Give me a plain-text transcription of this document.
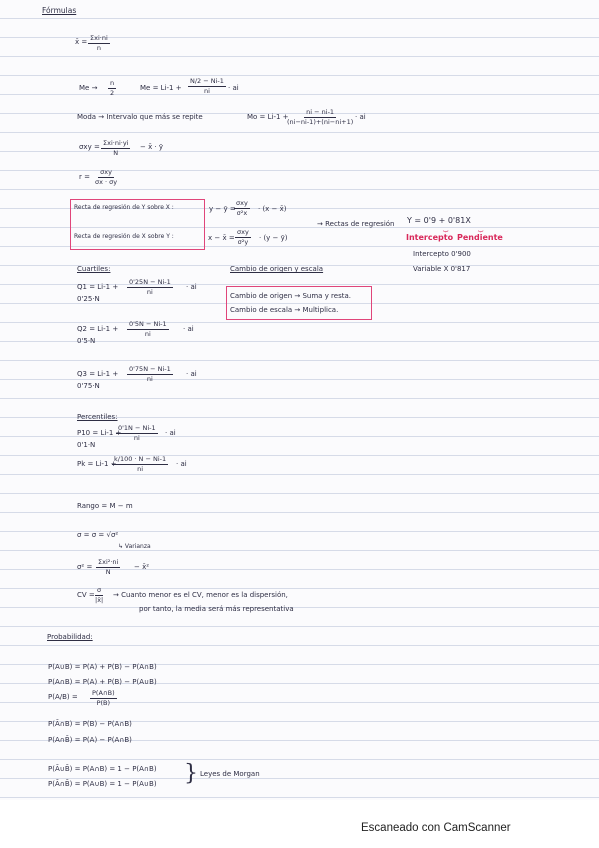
Fórmulas
x̄ = Σxi·ni
n
$Me \to \frac{n}{2}$	$Me = Li-1 + \frac{N/2 - Ni-1}{ni}$ · ai
Moda → Intervalo que más se repite	Mo = Li-1 +
$\frac{ni - ni-1}{(ni-ni-1)+(ni-ni+1)}$ · ai
σxy = Σxi·ni·yi
N
− x̄ · ȳ
r =
σxy
σx · σy
Recta de regresión de Y sobre X :
Recta de regresión de X sobre Y :
y − ȳ =
σxy
σ²x · (x − x̄)
x − x̄ =
σxy
σ²y · (y − ȳ)
→ Rectas de regresión Y = 0'9 + 0'81X
⏟	⏟
Intercepto Pendiente
Intercepto 0'900
Variable X 0'817
Cambio de origen y escala
Cambio de origen → Suma y resta.
Cambio de escala → Multiplica.
Cuartiles:
$Q1 = Li-1 + \frac{0'25N - Ni-1}{ni}$ · ai
0'25·N
$Q2 = Li-1 + \frac{0'5N - Ni-1}{ni}$ · ai
0'5·N
$Q3 = Li-1 + \frac{0'75N - Ni-1}{ni}$ · ai
0'75·N
Percentiles:
P10 = Li-1 +
$\frac{0'1N - Ni-1}{ni}$ · ai
0'1·N
Pk = Li-1 +
$\frac{k/100 \cdot N - Ni-1}{ni}$ · ai
Rango = M − m
σ = σ = √σ²
↳ Varianza
σ² =
Σxi²·ni
N
− x̄²
CV =
$\frac{\sigma}{|x̄|}$ → Cuanto menor es el CV, menor es la dispersión,
por tanto, la media será más representativa
Probabilidad:
P(A∪B) = P(A) + P(B) − P(A∩B)
P(A∩B) = P(A) + P(B) − P(A∪B)
$P(A/B) = \frac{P(A\cap B)}{P(B)}$
P(Ā∩B) = P(B) − P(A∩B)
P(A∩B̄) = P(A) − P(A∩B)
P(Ā∪B̄) = P(A∩B) = 1 − P(A∩B)
P(Ā∩B̄) = P(A∪B) = 1 − P(A∪B) } Leyes de Morgan
Escaneado con CamScanner
